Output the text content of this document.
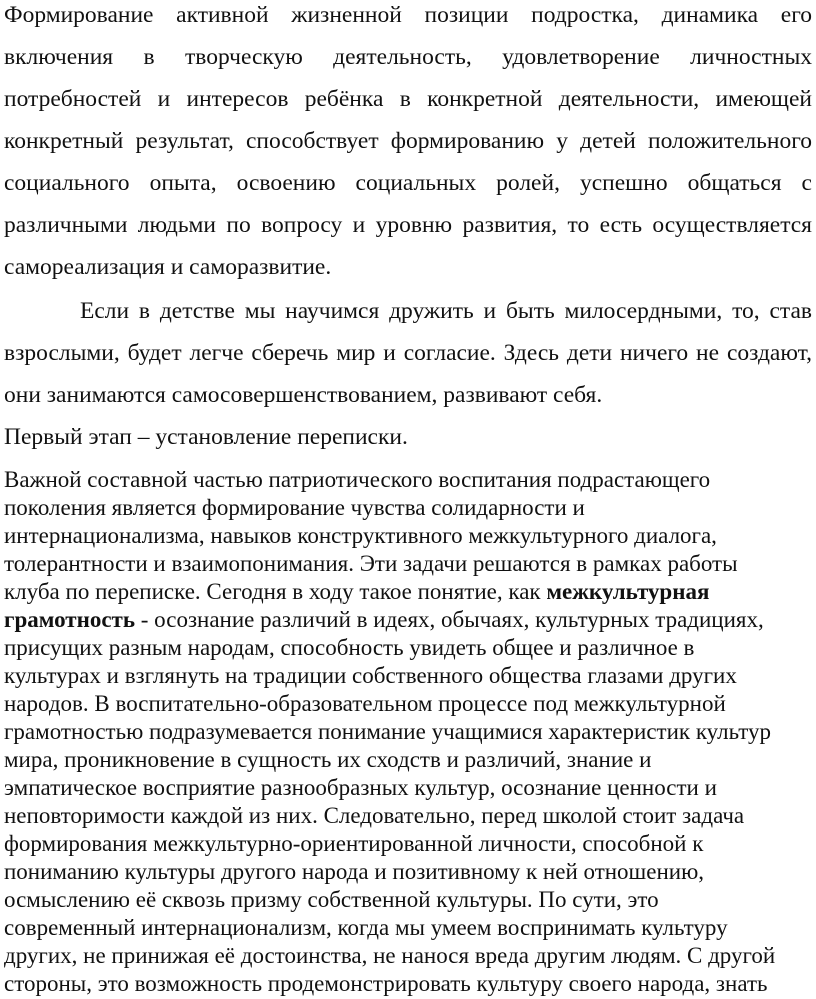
Формирование активной жизненной позиции подростка, динамика его
включения в творческую деятельность, удовлетворение личностных
потребностей и интересов ребёнка в конкретной деятельности, имеющей
конкретный результат, способствует формированию у детей положительного
социального опыта, освоению социальных ролей, успешно общаться с
различными людьми по вопросу и уровню развития, то есть осуществляется
самореализация и саморазвитие.
Если в детстве мы научимся дружить и быть милосердными, то, став
взрослыми, будет легче сберечь мир и согласие. Здесь дети ничего не создают,
они занимаются самосовершенствованием, развивают себя.
Первый этап – установление переписки.
Важной составной частью патриотического воспитания подрастающего
поколения является формирование чувства солидарности и
интернационализма, навыков конструктивного межкультурного диалога,
толерантности и взаимопонимания. Эти задачи решаются в рамках работы
клуба по переписке. Сегодня в ходу такое понятие, как межкультурная
грамотность - осознание различий в идеях, обычаях, культурных традициях,
присущих разным народам, способность увидеть общее и различное в
культурах и взглянуть на традиции собственного общества глазами других
народов. В воспитательно-образовательном процессе под межкультурной
грамотностью подразумевается понимание учащимися характеристик культур
мира, проникновение в сущность их сходств и различий, знание и
эмпатическое восприятие разнообразных культур, осознание ценности и
неповторимости каждой из них. Следовательно, перед школой стоит задача
формирования межкультурно-ориентированной личности, способной к
пониманию культуры другого народа и позитивному к ней отношению,
осмыслению её сквозь призму собственной культуры. По сути, это
современный интернационализм, когда мы умеем воспринимать культуру
других, не принижая её достоинства, не нанося вреда другим людям. С другой
стороны, это возможность продемонстрировать культуру своего народа, знать
